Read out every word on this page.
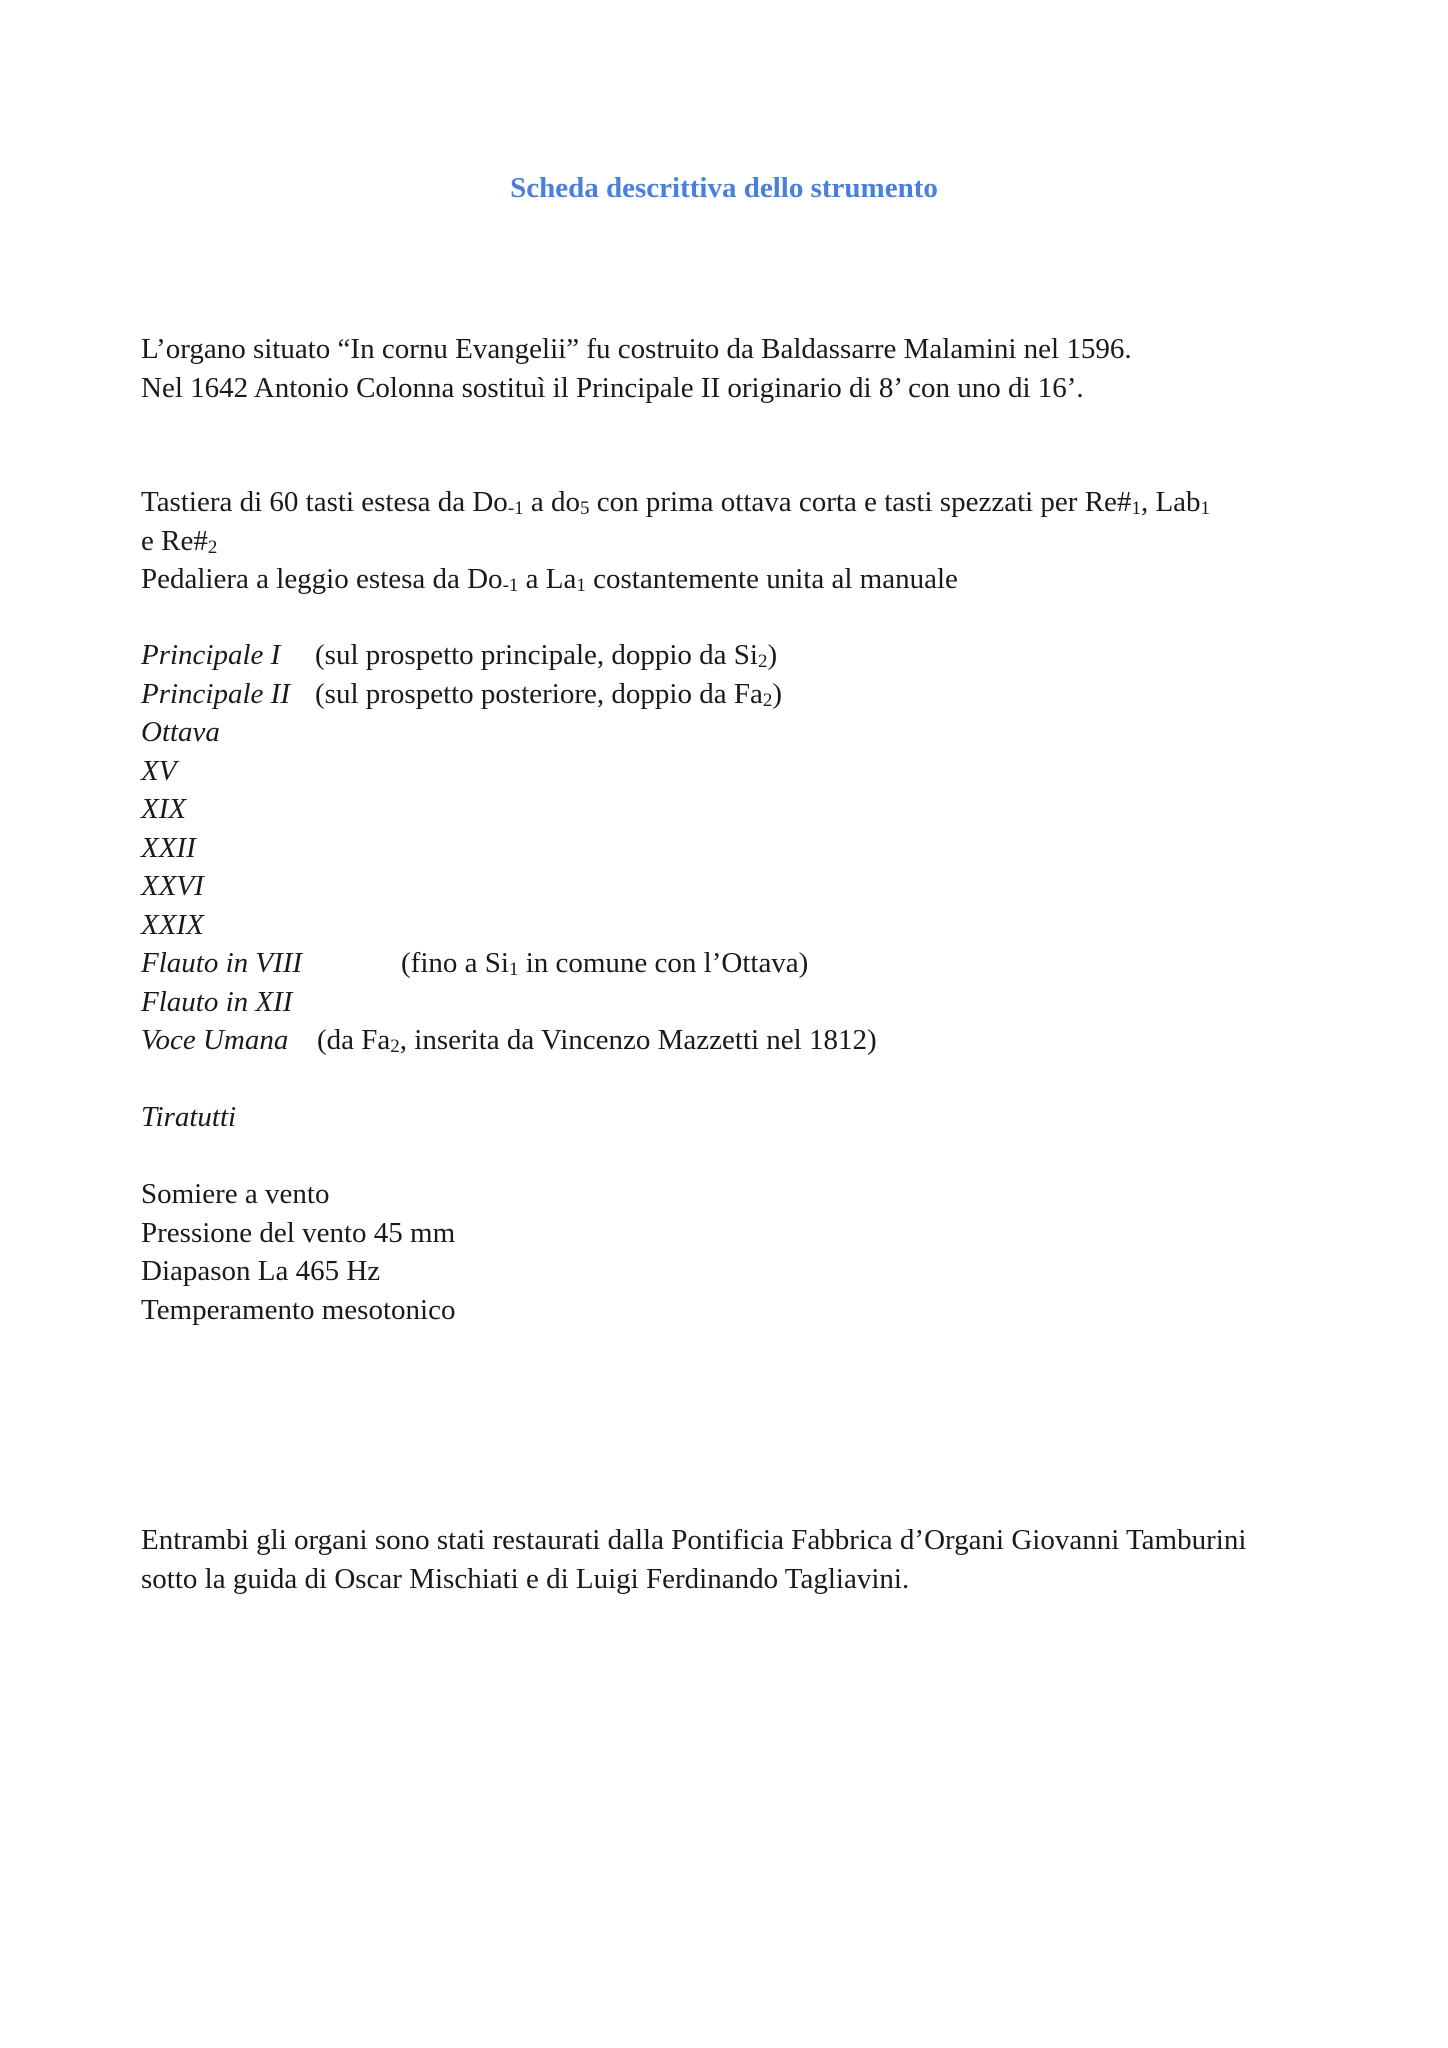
Scheda descrittiva dello strumento
L’organo situato “In cornu Evangelii” fu costruito da Baldassarre Malamini nel 1596.
Nel 1642 Antonio Colonna sostituì il Principale II originario di 8’ con uno di 16’.
Tastiera di 60 tasti estesa da $Do_{-1}$ a $do_5$ con prima ottava corta e tasti spezzati per $Re\#_1$, Lab$_1$
e $Re\#_2$
Pedaliera a leggio estesa da $Do_{-1}$ a $La_1$ costantemente unita al manuale
Principale I (sul prospetto principale, doppio da $Si_2$)
Principale II (sul prospetto posteriore, doppio da $Fa_2$)
Ottava
XV
XIX
XXII
XXVI
XXIX
Flauto in VIII	(fino a $Si_1$ in comune con l’Ottava)
Flauto in XII
Voce Umana (da $Fa_2$, inserita da Vincenzo Mazzetti nel 1812)
Tiratutti
Somiere a vento
Pressione del vento 45 mm
Diapason La 465 Hz
Temperamento mesotonico
Entrambi gli organi sono stati restaurati dalla Pontificia Fabbrica d’Organi Giovanni Tamburini
sotto la guida di Oscar Mischiati e di Luigi Ferdinando Tagliavini.
